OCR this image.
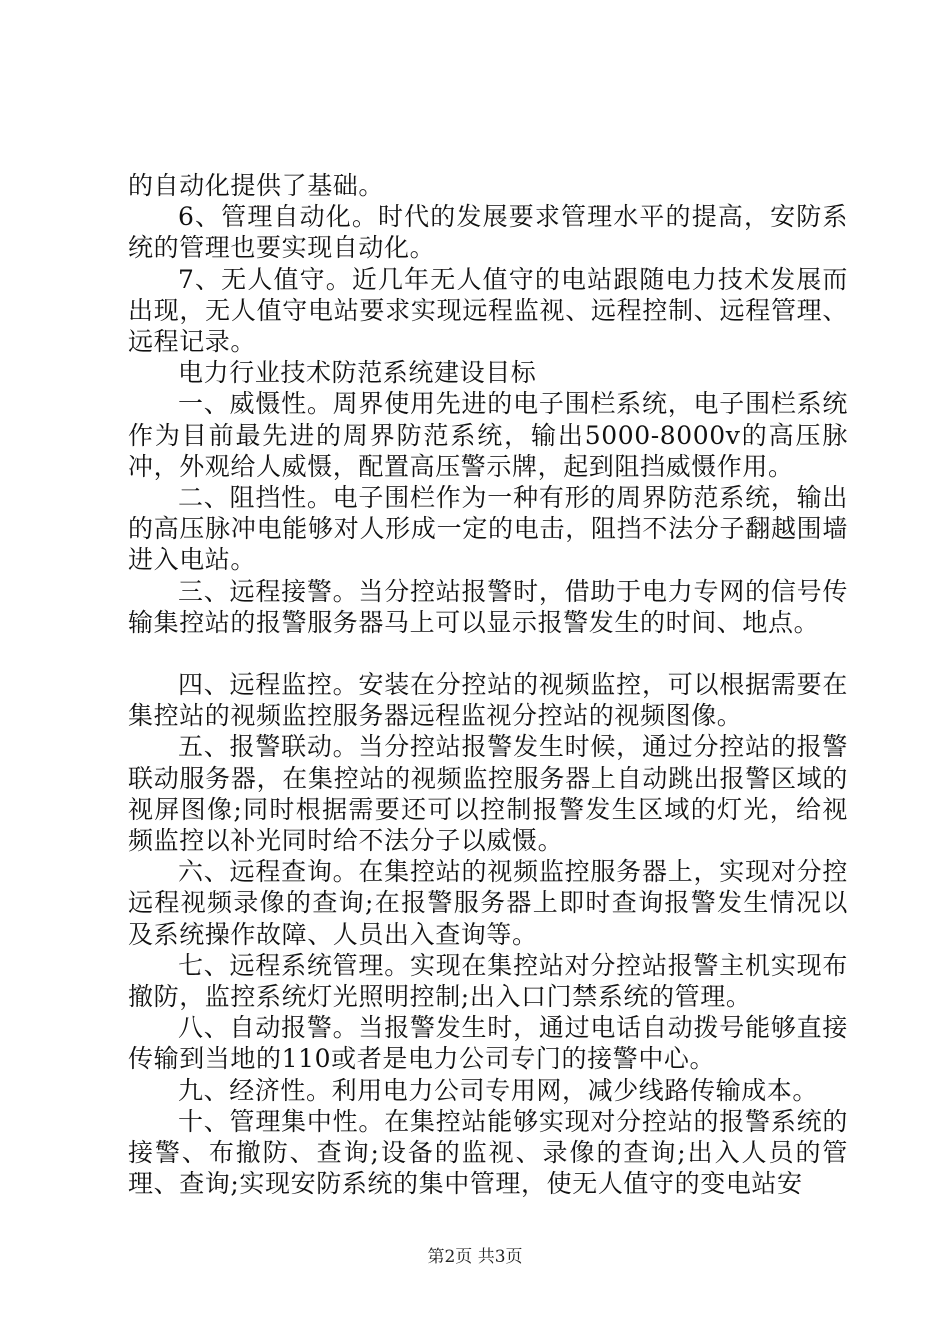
的自动化提供了基础。

6、管理自动化。时代的发展要求管理水平的提高，安防系统的管理也要实现自动化。

7、无人值守。近几年无人值守的电站跟随电力技术发展而出现，无人值守电站要求实现远程监视、远程控制、远程管理、远程记录。

电力行业技术防范系统建设目标

一、威慑性。周界使用先进的电子围栏系统，电子围栏系统作为目前最先进的周界防范系统，输出5000-8000v的高压脉冲，外观给人威慑，配置高压警示牌，起到阻挡威慑作用。

二、阻挡性。电子围栏作为一种有形的周界防范系统，输出的高压脉冲电能够对人形成一定的电击，阻挡不法分子翻越围墙进入电站。

三、远程接警。当分控站报警时，借助于电力专网的信号传输集控站的报警服务器马上可以显示报警发生的时间、地点。

四、远程监控。安装在分控站的视频监控，可以根据需要在集控站的视频监控服务器远程监视分控站的视频图像。

五、报警联动。当分控站报警发生时候，通过分控站的报警联动服务器，在集控站的视频监控服务器上自动跳出报警区域的视屏图像;同时根据需要还可以控制报警发生区域的灯光，给视频监控以补光同时给不法分子以威慑。

六、远程查询。在集控站的视频监控服务器上，实现对分控远程视频录像的查询;在报警服务器上即时查询报警发生情况以及系统操作故障、人员出入查询等。

七、远程系统管理。实现在集控站对分控站报警主机实现布撤防，监控系统灯光照明控制;出入口门禁系统的管理。

八、自动报警。当报警发生时，通过电话自动拨号能够直接传输到当地的110或者是电力公司专门的接警中心。

九、经济性。利用电力公司专用网，减少线路传输成本。

十、管理集中性。在集控站能够实现对分控站的报警系统的接警、布撤防、查询;设备的监视、录像的查询;出入人员的管理、查询;实现安防系统的集中管理，使无人值守的变电站安

第2页 共3页
